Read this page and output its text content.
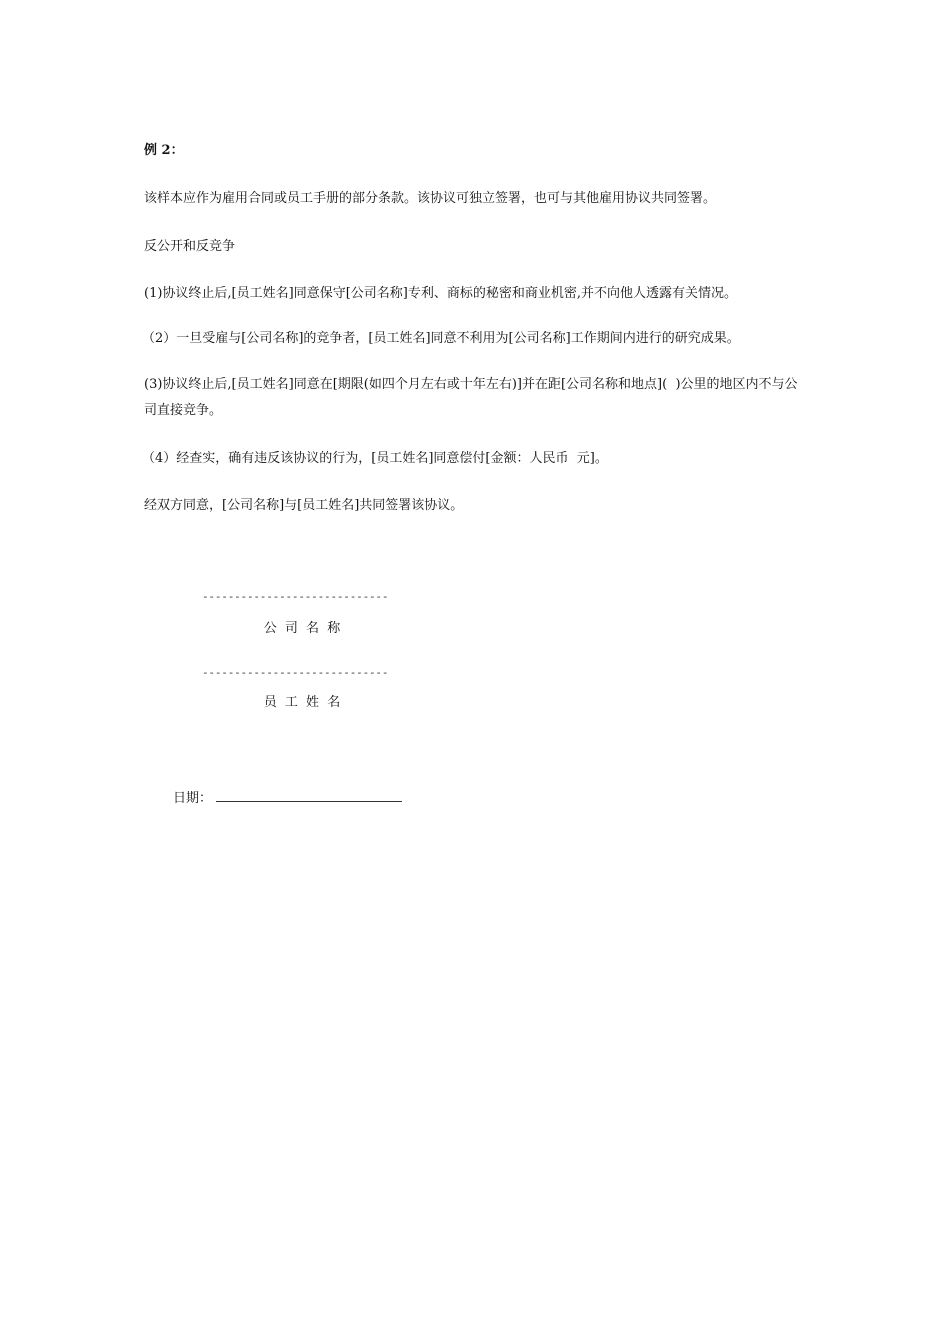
例 2：
该样本应作为雇用合同或员工手册的部分条款。该协议可独立签署，也可与其他雇用协议共同签署。
反公开和反竞争
(1)协议终止后,[员工姓名]同意保守[公司名称]专利、商标的秘密和商业机密,并不向他人透露有关情况。
（2）一旦受雇与[公司名称]的竞争者，[员工姓名]同意不利用为[公司名称]工作期间内进行的研究成果。
(3)协议终止后,[员工姓名]同意在[期限(如四个月左右或十年左右)]并在距[公司名称和地点](  )公里的地区内不与公司直接竞争。
（4）经查实，确有违反该协议的行为，[员工姓名]同意偿付[金额：人民币  元]。
经双方同意，[公司名称]与[员工姓名]共同签署该协议。
-----------------------------
公 司 名 称
-----------------------------
员 工 姓 名
日期：
